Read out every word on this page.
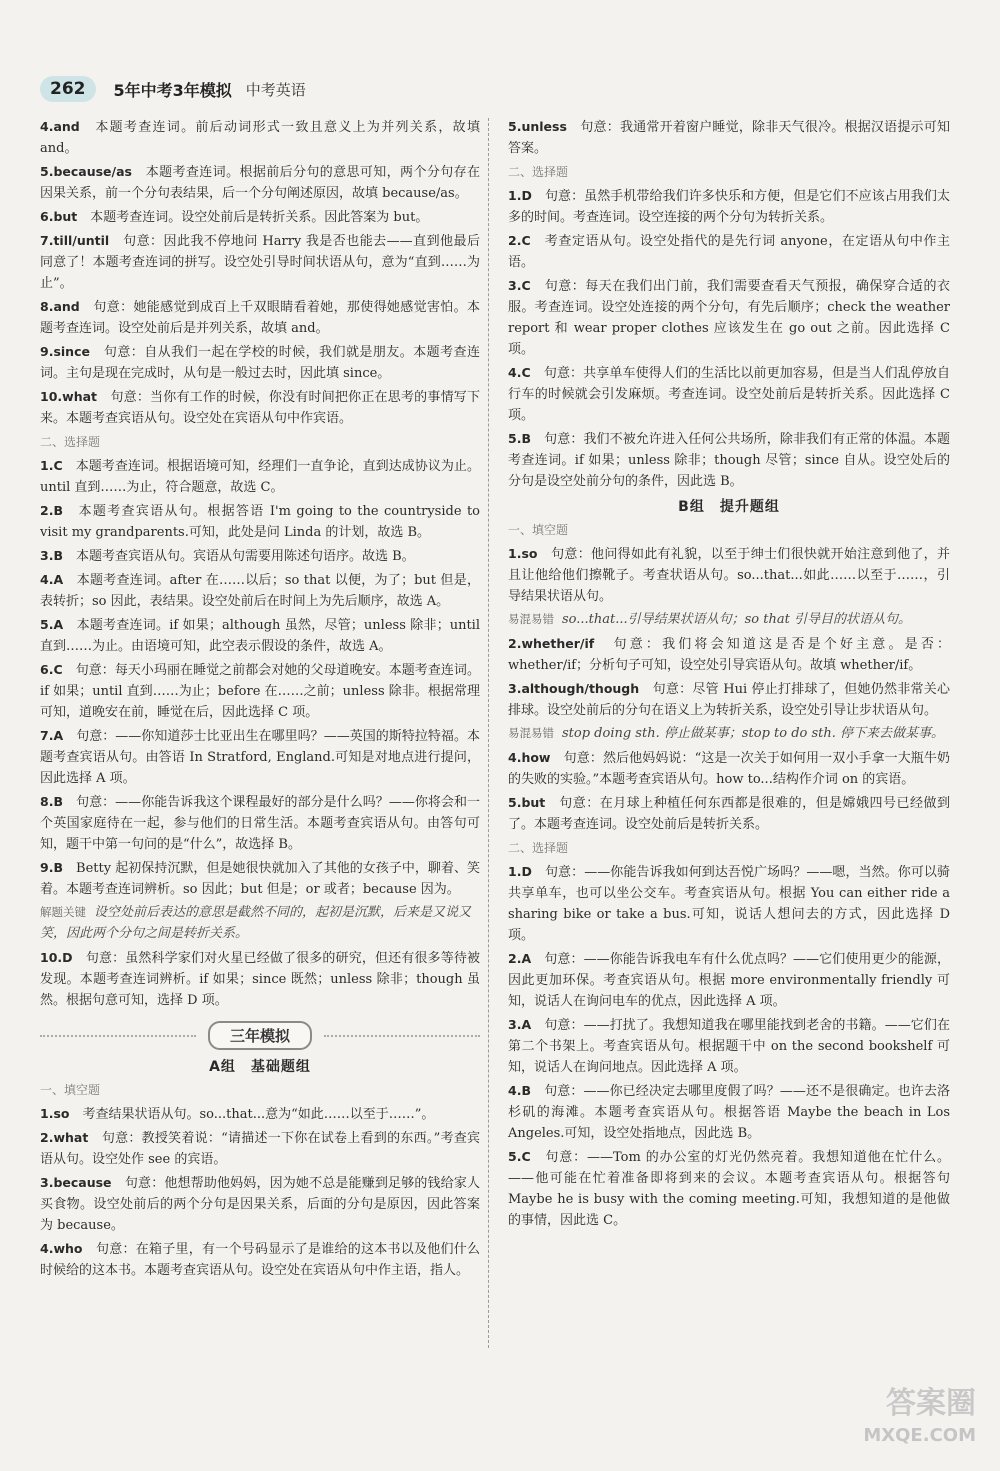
262	5年中考3年模拟 中考英语
4.and　 本题考查连词。前后动词形式一致且意义上为并列关系，故填 and。
5.because/as　 本题考查连词。根据前后分句的意思可知，两个分句存在因果关系，前一个分句表结果，后一个分句阐述原因，故填 because/as。
6.but　 本题考查连词。设空处前后是转折关系。因此答案为 but。
7.till/until　 句意：因此我不停地问 Harry 我是否也能去——直到他最后同意了！本题考查连词的拼写。设空处引导时间状语从句，意为“直到……为止”。
8.and　 句意：她能感觉到成百上千双眼睛看着她，那使得她感觉害怕。本题考查连词。设空处前后是并列关系，故填 and。
9.since　 句意：自从我们一起在学校的时候，我们就是朋友。本题考查连词。主句是现在完成时，从句是一般过去时，因此填 since。
10.what　 句意：当你有工作的时候，你没有时间把你正在思考的事情写下来。本题考查宾语从句。设空处在宾语从句中作宾语。
二、选择题
1.C　 本题考查连词。根据语境可知，经理们一直争论，直到达成协议为止。until 直到……为止，符合题意，故选 C。
2.B　 本题考查宾语从句。根据答语 I'm going to the countryside to visit my grandparents.可知，此处是问 Linda 的计划，故选 B。
3.B　 本题考查宾语从句。宾语从句需要用陈述句语序。故选 B。
4.A　 本题考查连词。after 在……以后；so that 以便，为了；but 但是，表转折；so 因此，表结果。设空处前后在时间上为先后顺序，故选 A。
5.A　 本题考查连词。if 如果；although 虽然，尽管；unless 除非；until 直到……为止。由语境可知，此空表示假设的条件，故选 A。
6.C　 句意：每天小玛丽在睡觉之前都会对她的父母道晚安。本题考查连词。if 如果；until 直到……为止；before 在……之前；unless 除非。根据常理可知，道晚安在前，睡觉在后，因此选择 C 项。
7.A　 句意：——你知道莎士比亚出生在哪里吗？——英国的斯特拉特福。本题考查宾语从句。由答语 In Stratford, England.可知是对地点进行提问，因此选择 A 项。
8.B　 句意：——你能告诉我这个课程最好的部分是什么吗？——你将会和一个英国家庭待在一起，参与他们的日常生活。本题考查宾语从句。由答句可知，题干中第一句问的是“什么”，故选择 B。
9.B　 Betty 起初保持沉默，但是她很快就加入了其他的女孩子中，聊着、笑着。本题考查连词辨析。so 因此；but 但是；or 或者；because 因为。
解题关键 设空处前后表达的意思是截然不同的，起初是沉默，后来是又说又笑，因此两个分句之间是转折关系。
10.D　 句意：虽然科学家们对火星已经做了很多的研究，但还有很多等待被发现。本题考查连词辨析。if 如果；since 既然；unless 除非；though 虽然。根据句意可知，选择 D 项。
三年模拟
A组　基础题组
一、填空题
1.so　 考查结果状语从句。so...that...意为“如此……以至于……”。
2.what　 句意：教授笑着说：“请描述一下你在试卷上看到的东西。”考查宾语从句。设空处作 see 的宾语。
3.because　 句意：他想帮助他妈妈，因为她不总是能赚到足够的钱给家人买食物。设空处前后的两个分句是因果关系，后面的分句是原因，因此答案为 because。
4.who　 句意：在箱子里，有一个号码显示了是谁给的这本书以及他们什么时候给的这本书。本题考查宾语从句。设空处在宾语从句中作主语，指人。
5.unless　 句意：我通常开着窗户睡觉，除非天气很冷。根据汉语提示可知答案。
二、选择题
1.D　 句意：虽然手机带给我们许多快乐和方便，但是它们不应该占用我们太多的时间。考查连词。设空连接的两个分句为转折关系。
2.C　 考查定语从句。设空处指代的是先行词 anyone，在定语从句中作主语。
3.C　 句意：每天在我们出门前，我们需要查看天气预报，确保穿合适的衣服。考查连词。设空处连接的两个分句，有先后顺序；check the weather report 和 wear proper clothes 应该发生在 go out 之前。因此选择 C 项。
4.C　 句意：共享单车使得人们的生活比以前更加容易，但是当人们乱停放自行车的时候就会引发麻烦。考查连词。设空处前后是转折关系。因此选择 C 项。
5.B　 句意：我们不被允许进入任何公共场所，除非我们有正常的体温。本题考查连词。if 如果；unless 除非；though 尽管；since 自从。设空处后的分句是设空处前分句的条件，因此选 B。
B组　提升题组
一、填空题
1.so　 句意：他问得如此有礼貌，以至于绅士们很快就开始注意到他了，并且让他给他们擦靴子。考查状语从句。so...that...如此……以至于……，引导结果状语从句。
易混易错 so...that...引导结果状语从句；so that 引导目的状语从句。
2.whether/if　 句意：我们将会知道这是否是个好主意。是否：whether/if；分析句子可知，设空处引导宾语从句。故填 whether/if。
3.although/though　 句意：尽管 Hui 停止打排球了，但她仍然非常关心排球。设空处前后的分句在语义上为转折关系，设空处引导让步状语从句。
易混易错 stop doing sth. 停止做某事；stop to do sth. 停下来去做某事。
4.how　 句意：然后他妈妈说：“这是一次关于如何用一双小手拿一大瓶牛奶的失败的实验。”本题考查宾语从句。how to...结构作介词 on 的宾语。
5.but　 句意：在月球上种植任何东西都是很难的，但是嫦娥四号已经做到了。本题考查连词。设空处前后是转折关系。
二、选择题
1.D　 句意：——你能告诉我如何到达吾悦广场吗？——嗯，当然。你可以骑共享单车，也可以坐公交车。考查宾语从句。根据 You can either ride a sharing bike or take a bus.可知，说话人想问去的方式，因此选择 D 项。
2.A　 句意：——你能告诉我电车有什么优点吗？——它们使用更少的能源，因此更加环保。考查宾语从句。根据 more environmentally friendly 可知，说话人在询问电车的优点，因此选择 A 项。
3.A　 句意：——打扰了。我想知道我在哪里能找到老舍的书籍。——它们在第二个书架上。考查宾语从句。根据题干中 on the second bookshelf 可知，说话人在询问地点。因此选择 A 项。
4.B　 句意：——你已经决定去哪里度假了吗？——还不是很确定。也许去洛杉矶的海滩。本题考查宾语从句。根据答语 Maybe the beach in Los Angeles.可知，设空处指地点，因此选 B。
5.C　 句意：——Tom 的办公室的灯光仍然亮着。我想知道他在忙什么。——他可能在忙着准备即将到来的会议。本题考查宾语从句。根据答句 Maybe he is busy with the coming meeting.可知，我想知道的是他做的事情，因此选 C。
答案圈
MXQE.COM
